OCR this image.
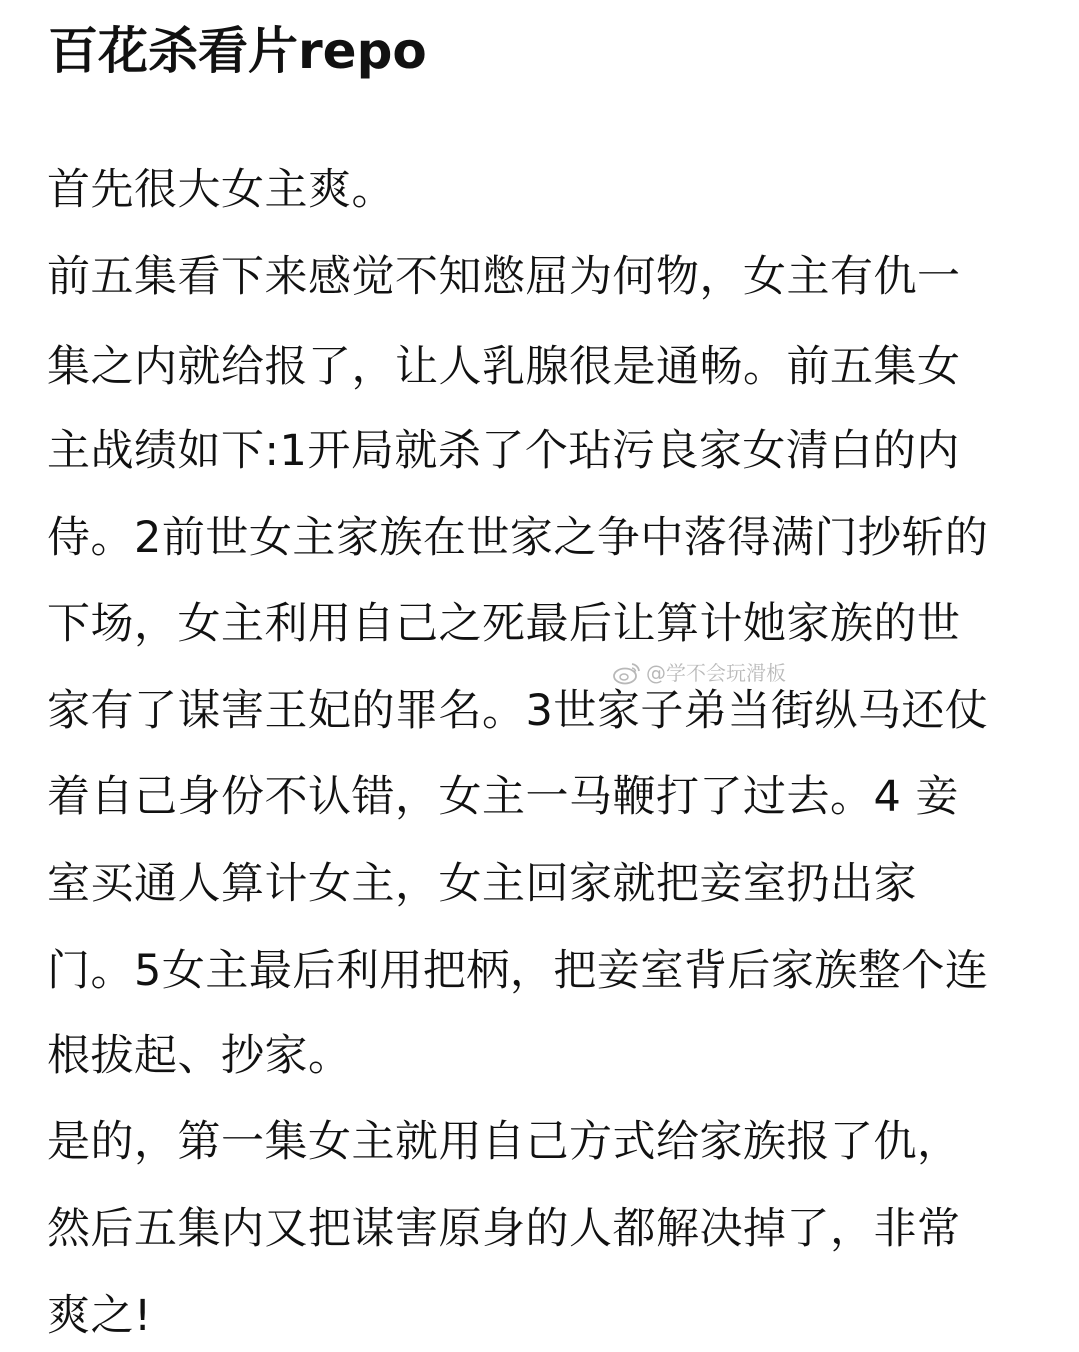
百花杀看片repo
首先很大女主爽。
前五集看下来感觉不知憋屈为何物，女主有仇一
集之内就给报了，让人乳腺很是通畅。前五集女
主战绩如下:1开局就杀了个玷污良家女清白的内
侍。2前世女主家族在世家之争中落得满门抄斩的
下场，女主利用自己之死最后让算计她家族的世
家有了谋害王妃的罪名。3世家子弟当街纵马还仗
着自己身份不认错，女主一马鞭打了过去。4 妾
室买通人算计女主，女主回家就把妾室扔出家
门。5女主最后利用把柄，把妾室背后家族整个连
根拔起、抄家。
是的，第一集女主就用自己方式给家族报了仇，
然后五集内又把谋害原身的人都解决掉了，非常
爽之!
@学不会玩滑板
